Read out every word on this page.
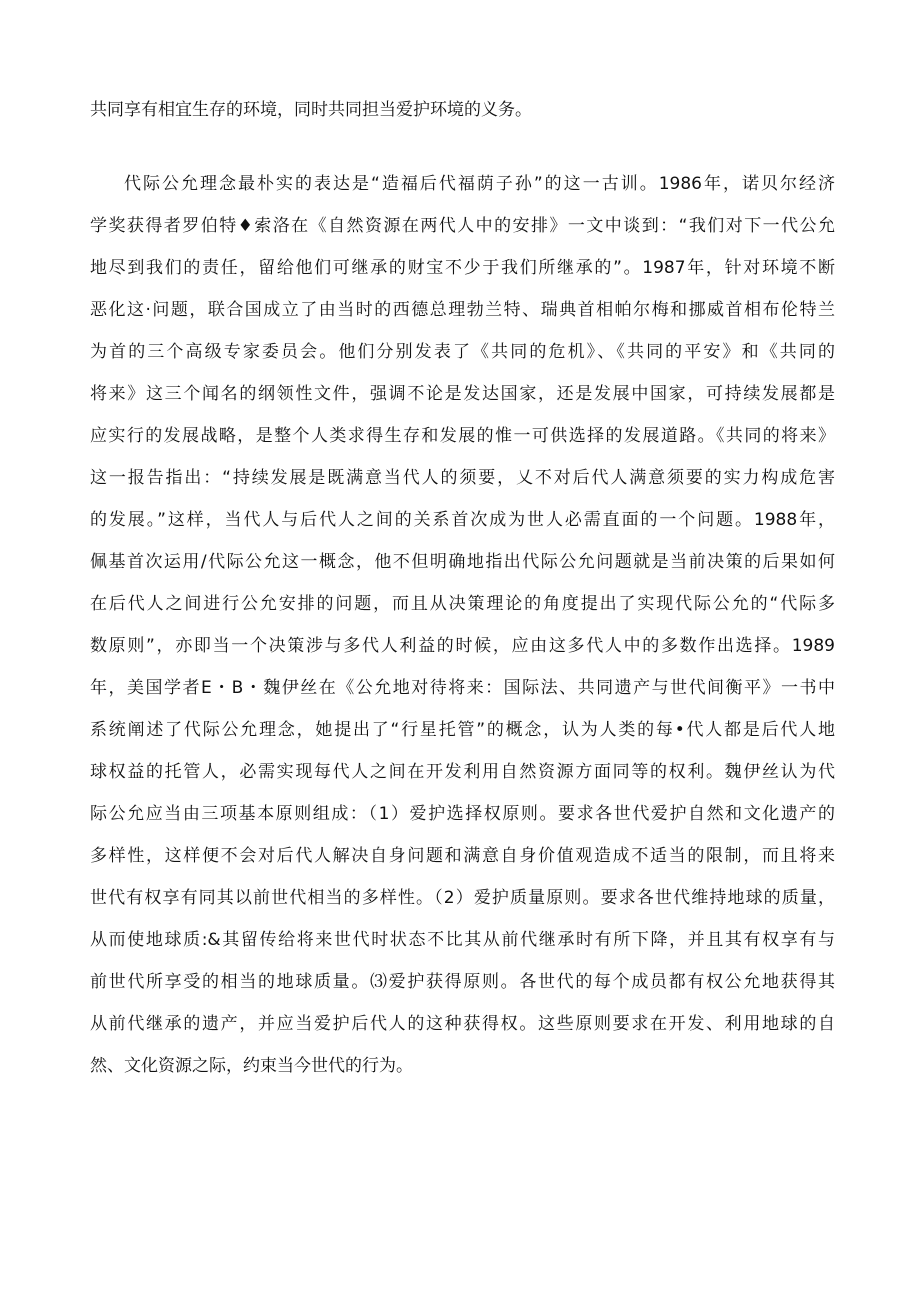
共同享有相宜生存的环境，同时共同担当爱护环境的义务。
代际公允理念最朴实的表达是“造福后代福荫子孙”的这一古训。1986年，诺贝尔经济
学奖获得者罗伯特♦索洛在《自然资源在两代人中的安排》一文中谈到：“我们对下一代公允
地尽到我们的责任，留给他们可继承的财宝不少于我们所继承的”。1987年，针对环境不断
恶化这·问题，联合国成立了由当时的西德总理勃兰特、瑞典首相帕尔梅和挪威首相布伦特兰
为首的三个高级专家委员会。他们分别发表了《共同的危机》、《共同的平安》和《共同的
将来》这三个闻名的纲领性文件，强调不论是发达国家，还是发展中国家，可持续发展都是
应实行的发展战略，是整个人类求得生存和发展的惟一可供选择的发展道路。《共同的将来》
这一报告指出：“持续发展是既满意当代人的须要，乂不对后代人满意须要的实力构成危害
的发展。”这样，当代人与后代人之间的关系首次成为世人必需直面的一个问题。1988年，
佩基首次运用/代际公允这一概念，他不但明确地指出代际公允问题就是当前决策的后果如何
在后代人之间进行公允安排的问题，而且从决策理论的角度提出了实现代际公允的“代际多
数原则”，亦即当一个决策涉与多代人利益的时候，应由这多代人中的多数作出选择。1989
年，美国学者E・B・魏伊丝在《公允地对待将来：国际法、共同遗产与世代间衡平》一书中
系统阐述了代际公允理念，她提出了“行星托管”的概念，认为人类的每•代人都是后代人地
球权益的托管人，必需实现每代人之间在开发利用自然资源方面同等的权利。魏伊丝认为代
际公允应当由三项基本原则组成：（1）爱护选择权原则。要求各世代爱护自然和文化遗产的
多样性，这样便不会对后代人解决自身问题和满意自身价值观造成不适当的限制，而且将来
世代有权享有同其以前世代相当的多样性。（2）爱护质量原则。要求各世代维持地球的质量，
从而使地球质:&其留传给将来世代时状态不比其从前代继承时有所下降，并且其有权享有与
前世代所享受的相当的地球质量。⑶爱护获得原则。各世代的每个成员都有权公允地获得其
从前代继承的遗产，并应当爱护后代人的这种获得权。这些原则要求在开发、利用地球的自
然、文化资源之际，约束当今世代的行为。
